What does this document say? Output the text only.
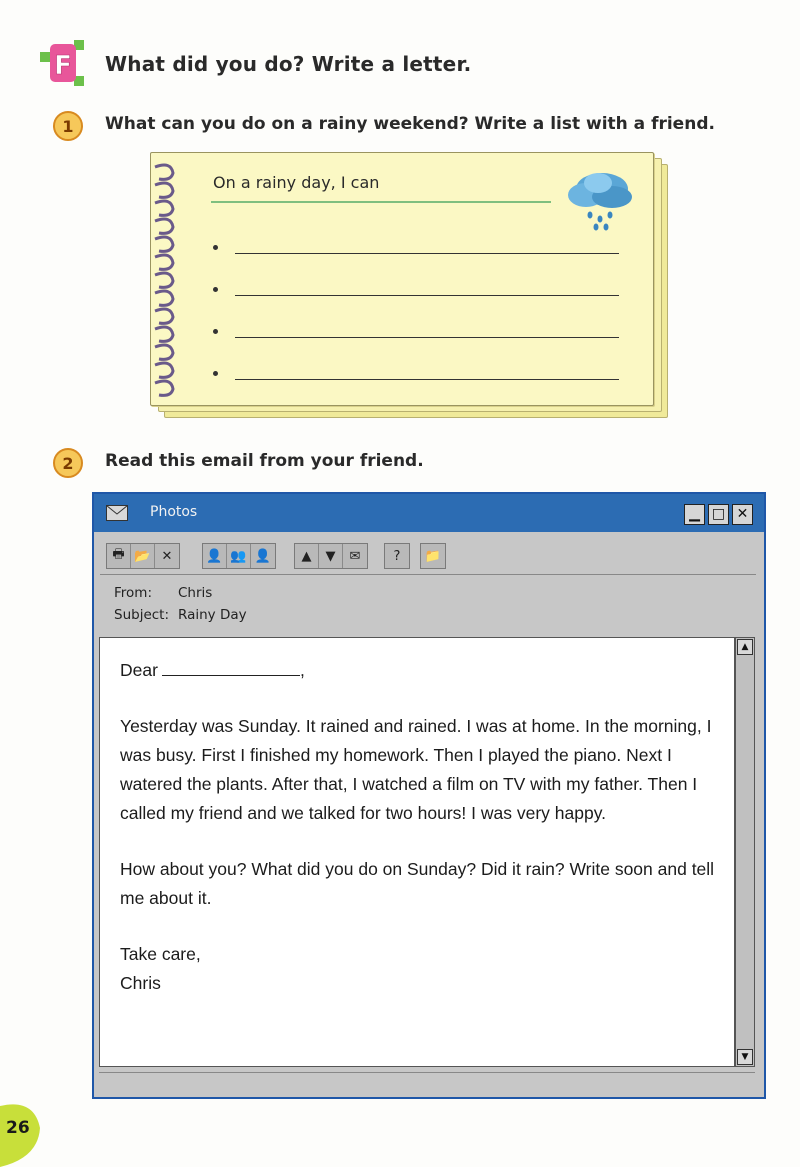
F What did you do? Write a letter.
1 What can you do on a rainy weekend? Write a list with a friend.
On a rainy day, I can
2 Read this email from your friend.
Photos	▁ □ ✕
🖶 📂 ✕	👤 👥 👤	▲	▼	✉	?	📁
From: Chris
Subject: Rainy Day

Dear	,

Yesterday was Sunday. It rained and rained. I was at home. In the morning, I was busy. First I finished my homework. Then I played the piano. Next I watered the plants. After that, I watched a film on TV with my father. Then I called my friend and we talked for two hours! I was very happy.

How about you? What did you do on Sunday? Did it rain? Write soon and tell me about it.

Take care,
Chris
▲
▼
26
